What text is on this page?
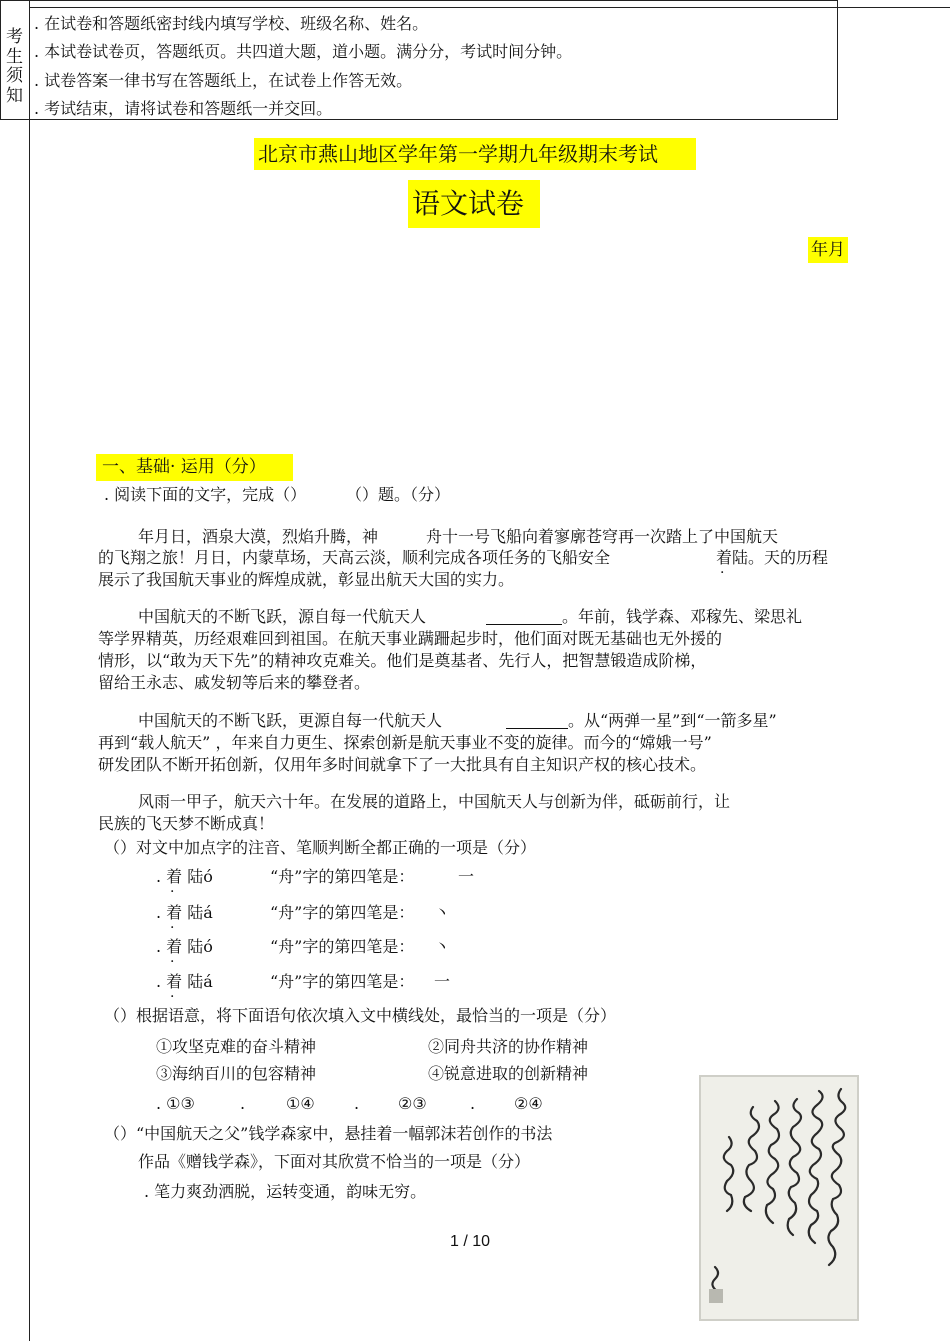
北京市燕山地区学年第一学期九年级期末考试
语文试卷
年月
考
生
须
知
. 在试卷和答题纸密封线内填写学校、班级名称、姓名。
. 本试卷试卷页，答题纸页。共四道大题，道小题。满分分，考试时间分钟。
. 试卷答案一律书写在答题纸上，在试卷上作答无效。
. 考试结束，请将试卷和答题纸一并交回。
一、基础· 运用（分）
. 阅读下面的文字，完成（） （）题。（分）
年月日，酒泉大漠，烈焰升腾，神	舟十一号飞船向着寥廓苍穹再一次踏上了中国航天
的飞翔之旅！月日，内蒙草场，天高云淡，顺利完成各项任务的飞船安全	着陆。天的历程
·
展示了我国航天事业的辉煌成就，彰显出航天大国的实力。
中国航天的不断飞跃，源自每一代航天人	。年前，钱学森、邓稼先、梁思礼
等学界精英，历经艰难回到祖国。在航天事业蹒跚起步时，他们面对既无基础也无外援的
情形，以“敢为天下先”的精神攻克难关。他们是奠基者、先行人，把智慧锻造成阶梯，
留给王永志、戚发轫等后来的攀登者。
中国航天的不断飞跃，更源自每一代航天人	。从“两弹一星”到“一箭多星”
再到“载人航天” ，年来自力更生、探索创新是航天事业不变的旋律。而今的“嫦娥一号”
研发团队不断开拓创新，仅用年多时间就拿下了一大批具有自主知识产权的核心技术。
风雨一甲子，航天六十年。在发展的道路上，中国航天人与创新为伴，砥砺前行，让
民族的飞天梦不断成真！
（）对文中加点字的注音、笔顺判断全都正确的一项是（分）
. 着 陆ó
·
“舟”字的第四笔是：	一
. 着 陆á
·
“舟”字的第四笔是： 丶
. 着 陆ó
·
“舟”字的第四笔是： 丶
. 着 陆á
·
“舟”字的第四笔是： 一
（）根据语意，将下面语句依次填入文中横线处，最恰当的一项是（分）
①攻坚克难的奋斗精神	②同舟共济的协作精神
③海纳百川的包容精神	④锐意进取的创新精神
. ①③	.	①④ . ②③	. ②④
（）“中国航天之父”钱学森家中，悬挂着一幅郭沫若创作的书法
作品《赠钱学森》，下面对其欣赏不恰当的一项是（分）
. 笔力爽劲洒脱，运转变通，韵味无穷。
1 / 10
